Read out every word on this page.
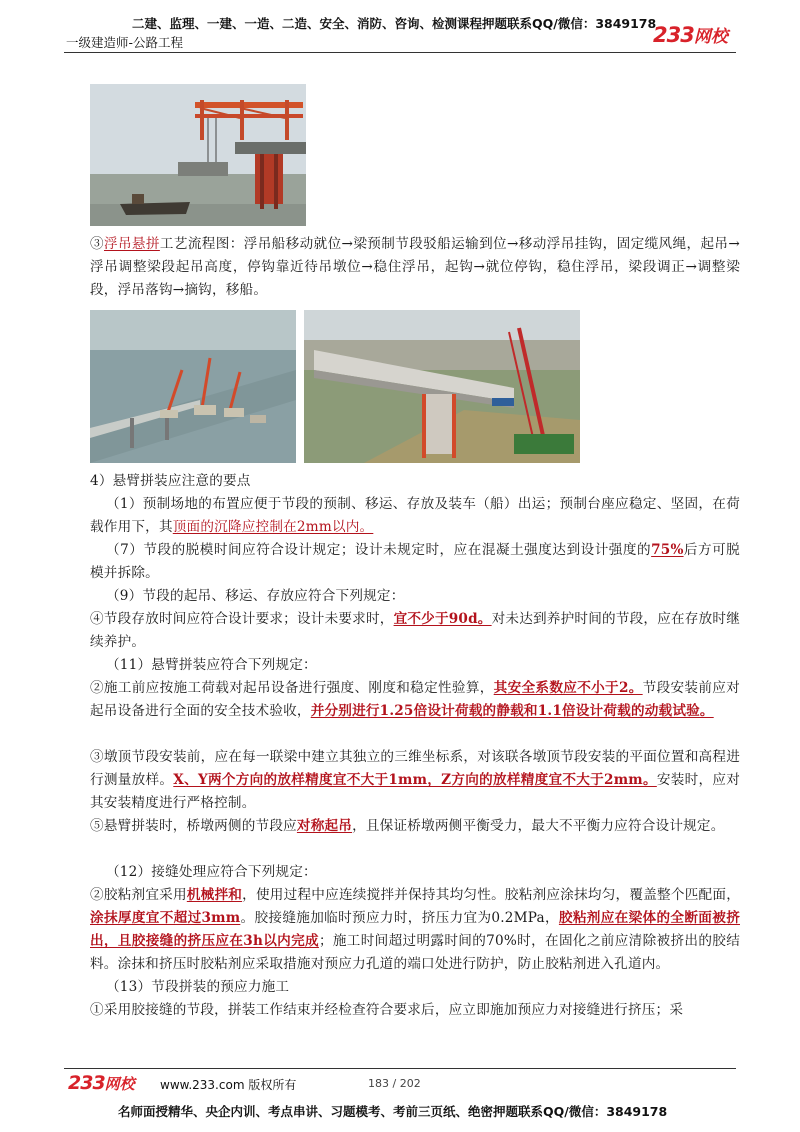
二建、监理、一建、一造、二造、安全、消防、咨询、检测课程押题联系QQ/微信：3849178
一级建造师-公路工程	233网校
③浮吊悬拼工艺流程图：浮吊船移动就位→梁预制节段驳船运输到位→移动浮吊挂钩，固定缆风绳，起吊→浮吊调整梁段起吊高度，停钩靠近待吊墩位→稳住浮吊，起钩→就位停钩，稳住浮吊，梁段调正→调整梁段，浮吊落钩→摘钩，移船。
4）悬臂拼装应注意的要点
（1）预制场地的布置应便于节段的预制、移运、存放及装车（船）出运；预制台座应稳定、坚固，在荷载作用下，其顶面的沉降应控制在2mm以内。
（7）节段的脱模时间应符合设计规定；设计未规定时，应在混凝土强度达到设计强度的75%后方可脱模并拆除。
（9）节段的起吊、移运、存放应符合下列规定：
④节段存放时间应符合设计要求；设计未要求时，宜不少于90d。对未达到养护时间的节段，应在存放时继续养护。
（11）悬臂拼装应符合下列规定：
②施工前应按施工荷载对起吊设备进行强度、刚度和稳定性验算，其安全系数应不小于2。节段安装前应对起吊设备进行全面的安全技术验收，并分别进行1.25倍设计荷载的静载和1.1倍设计荷载的动载试验。
③墩顶节段安装前，应在每一联梁中建立其独立的三维坐标系，对该联各墩顶节段安装的平面位置和高程进行测量放样。X、Y两个方向的放样精度宜不大于1mm，Z方向的放样精度宜不大于2mm。安装时，应对其安装精度进行严格控制。
⑤悬臂拼装时，桥墩两侧的节段应对称起吊，且保证桥墩两侧平衡受力，最大不平衡力应符合设计规定。
（12）接缝处理应符合下列规定：
②胶粘剂宜采用机械拌和，使用过程中应连续搅拌并保持其均匀性。胶粘剂应涂抹均匀，覆盖整个匹配面，涂抹厚度宜不超过3mm。胶接缝施加临时预应力时，挤压力宜为0.2MPa，胶粘剂应在梁体的全断面被挤出，且胶接缝的挤压应在3h以内完成；施工时间超过明露时间的70%时，在固化之前应清除被挤出的胶结料。涂抹和挤压时胶粘剂应采取措施对预应力孔道的端口处进行防护，防止胶粘剂进入孔道内。
（13）节段拼装的预应力施工
①采用胶接缝的节段，拼装工作结束并经检查符合要求后，应立即施加预应力对接缝进行挤压；采
233网校 www.233.com 版权所有	183 / 202
名师面授精华、央企内训、考点串讲、习题模考、考前三页纸、绝密押题联系QQ/微信：3849178
